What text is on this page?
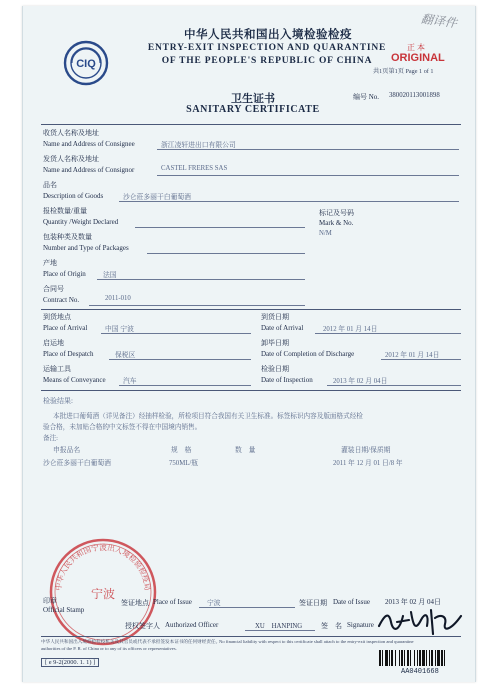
CIQ
中华人民共和国出入境检验检疫
ENTRY-EXIT INSPECTION AND QUARANTINE
OF THE PEOPLE'S REPUBLIC OF CHINA
正 本
ORIGINAL
共1页第1页 Page 1 of 1
翻译件
卫生证书
SANITARY CERTIFICATE
编号 No. 380020113001898
收货人名称及地址
Name and Address of Consignee	浙江凌轩进出口有限公司
发货人名称及地址
Name and Address of Consignor	CASTEL FRERES SAS
品名
Description of Goods	沙仑莊多丽干白葡萄酒
报检数量/重量
Quantity /Weight Declared
标记及号码
Mark & No.
N/M
包装种类及数量
Number and Type of Packages
产地
Place of Origin	法国
合同号
Contract No.	2011-010
到货地点
Place of Arrival	中国 宁波
到货日期
Date of Arrival	2012 年 01 月 14日
启运地
Place of Despatch	保税区
卸毕日期
Date of Completion of Discharge	2012 年 01 月 14日
运输工具
Means of Conveyance	汽车
检验日期
Date of Inspection	2013 年 02 月 04日
检验结果:
本批进口葡萄酒（详见备注）经抽样检验，所检项目符合我国有关卫生标准。标签标识内容及版面格式经检
验合格，未加贴合格的中文标签不得在中国境内销售。
备注:
申报品名	规　格	数　量	灌装日期/保质期
沙仑莊多丽干白葡萄酒	750ML/瓶	2011 年 12 月 01 日/8 年
中华人民共和国宁波出入境检验检疫局
宁波
印章
Official Stamp
签证地点 Place of Issue 宁波	签证日期 Date of Issue 2013 年 02 月 04日
授权签字人 Authorized Officer	XU　HANPING	签　名 Signature
中华人民共和国出入境检验检疫机关及其官员或代表不承担签发本证书的任何财经责任。
No financial liability with respect to this certificate shall attach to the entry-exit inspection and quarantine
authorities of the P. R. of China or to any of its officers or representatives.
[ e 9-2(2000. 1. 1) ]
AA0401668
